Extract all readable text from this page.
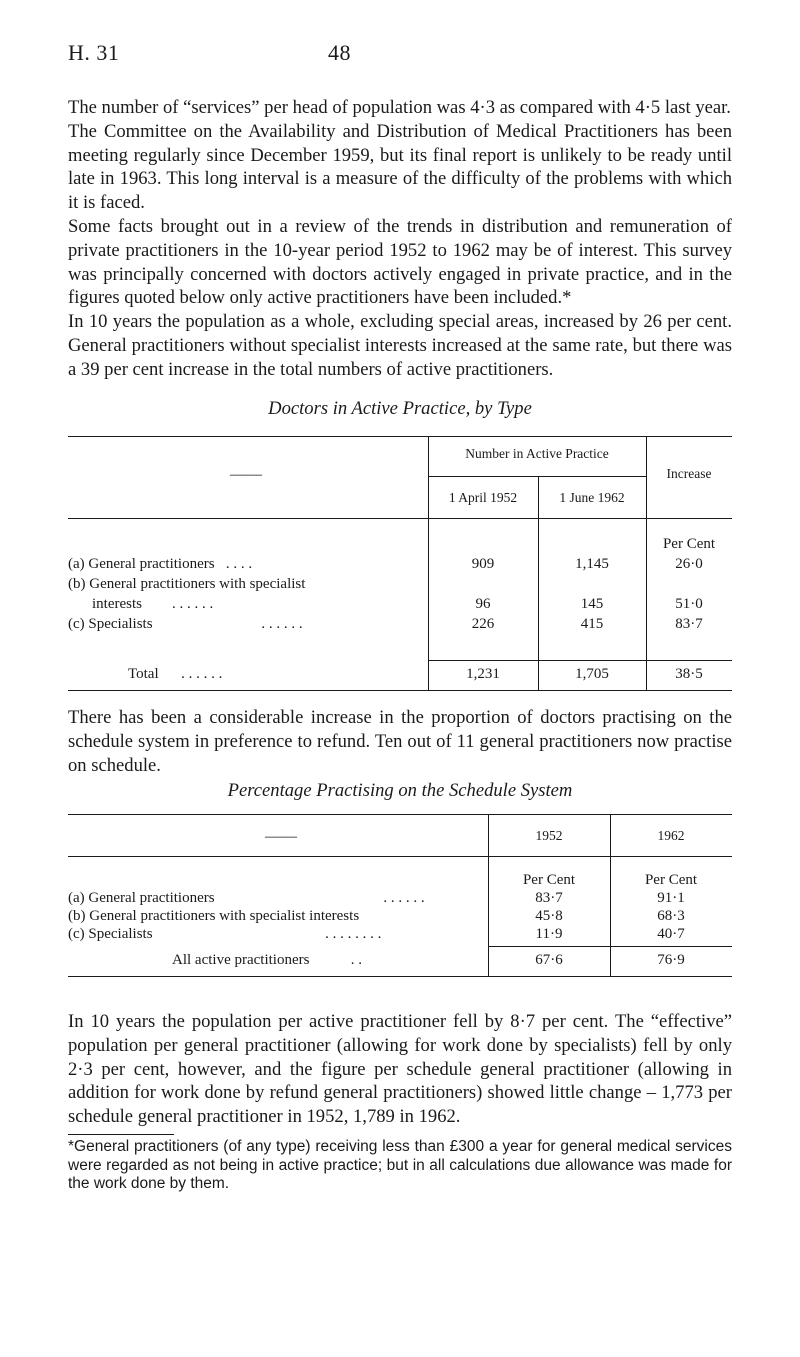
H. 31	48

The number of “services” per head of population was 4·3 as compared with 4·5 last year.

The Committee on the Availability and Distribution of Medical Practitioners has been meeting regularly since December 1959, but its final report is unlikely to be ready until late in 1963. This long interval is a measure of the difficulty of the problems with which it is faced.

Some facts brought out in a review of the trends in distribution and remuneration of private practitioners in the 10-year period 1952 to 1962 may be of interest. This survey was principally concerned with doctors actively engaged in private practice, and in the figures quoted below only active practitioners have been included.*

In 10 years the population as a whole, excluding special areas, increased by 26 per cent. General practitioners without specialist interests increased at the same rate, but there was a 39 per cent increase in the total numbers of active practitioners.

Doctors in Active Practice, by Type
——
Number in Active Practice
1 April 1952	1 June 1962
Increase
Per Cent
(a) General practitioners . . . .	909	1,145	26·0
(b) General practitioners with specialist
interests . . . . . .	96	145	51·0
(c) Specialists	. . . . . .	226	415	83·7
Total . . . . . .	1,231	1,705	38·5

There has been a considerable increase in the proportion of doctors practising on the schedule system in preference to refund. Ten out of 11 general practitioners now practise on schedule.

Percentage Practising on the Schedule System
——	1952	1962
Per Cent	Per Cent
(a) General practitioners	. . . . . .	83·7	91·1
(b) General practitioners with specialist interests	45·8	68·3
(c) Specialists	. . . . . . . .	11·9	40·7
All active practitioners	. .	67·6	76·9

In 10 years the population per active practitioner fell by 8·7 per cent. The “effective” population per general practitioner (allowing for work done by specialists) fell by only 2·3 per cent, however, and the figure per schedule general practitioner (allowing in addition for work done by refund general practitioners) showed little change – 1,773 per schedule general practitioner in 1952, 1,789 in 1962.

*General practitioners (of any type) receiving less than £300 a year for general medical services were regarded as not being in active practice; but in all calculations due allowance was made for the work done by them.
